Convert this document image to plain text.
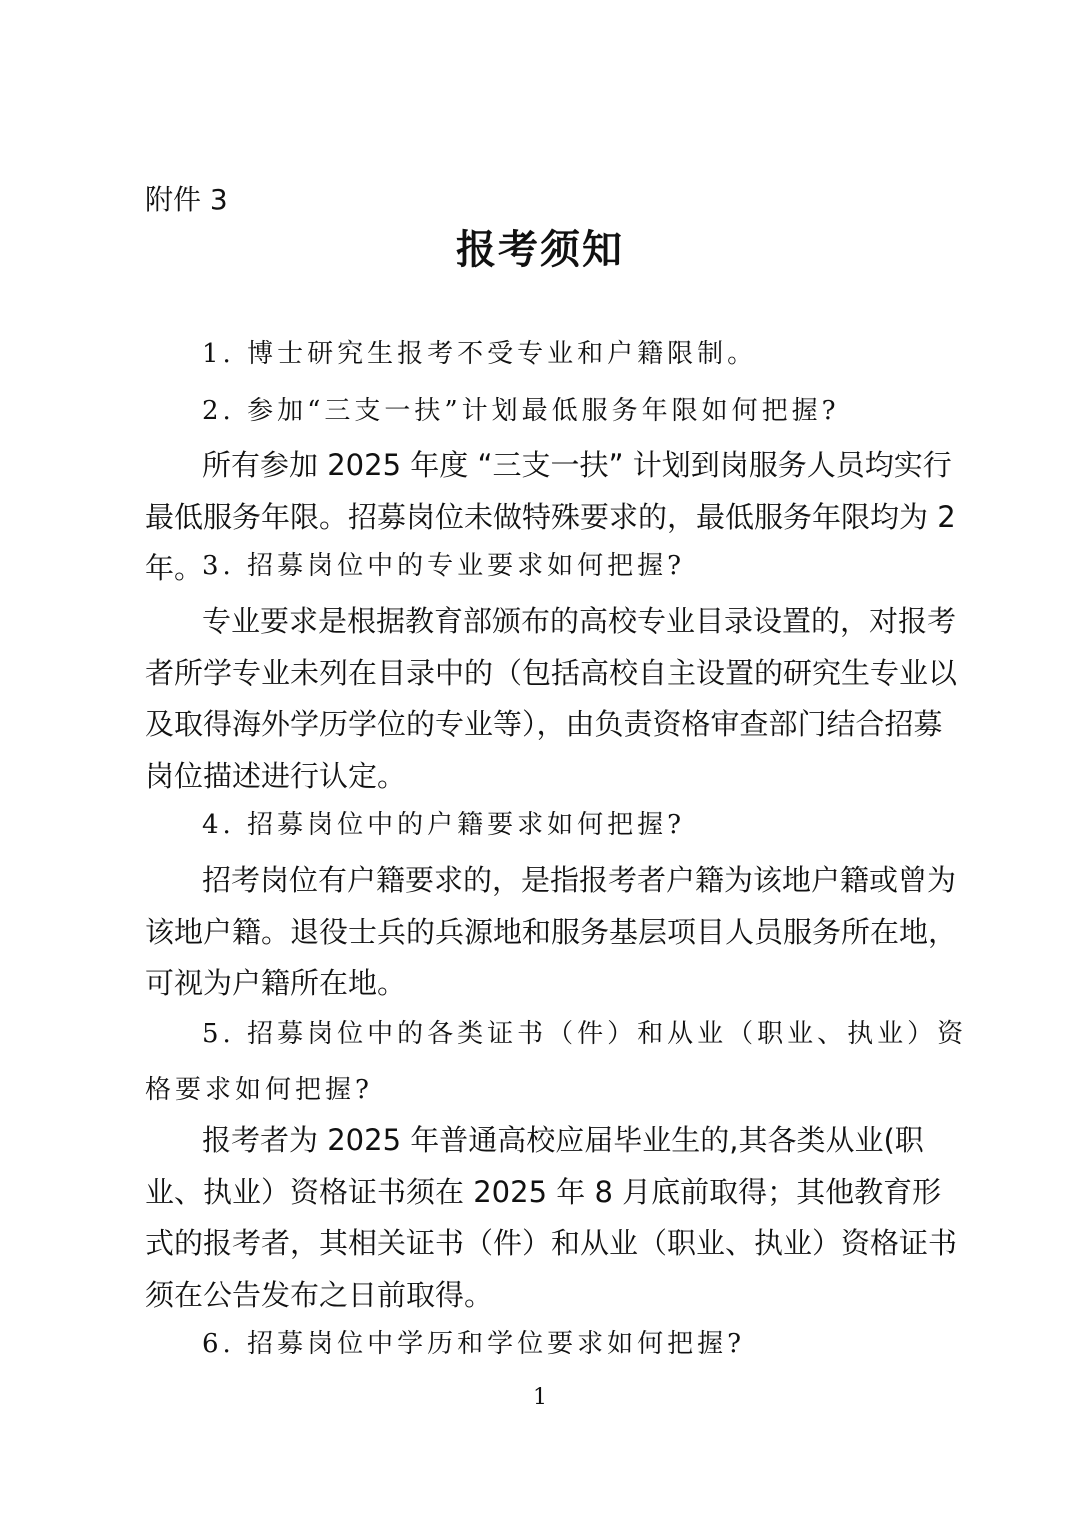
附件 3
报考须知
1. 博士研究生报考不受专业和户籍限制。
2. 参加“三支一扶”计划最低服务年限如何把握?
所有参加 2025 年度 “三支一扶” 计划到岗服务人员均实行最低服务年限。招募岗位未做特殊要求的，最低服务年限均为 2 年。
3. 招募岗位中的专业要求如何把握?
专业要求是根据教育部颁布的高校专业目录设置的，对报考者所学专业未列在目录中的（包括高校自主设置的研究生专业以及取得海外学历学位的专业等），由负责资格审查部门结合招募岗位描述进行认定。
4. 招募岗位中的户籍要求如何把握?
招考岗位有户籍要求的，是指报考者户籍为该地户籍或曾为该地户籍。退役士兵的兵源地和服务基层项目人员服务所在地，可视为户籍所在地。
5. 招募岗位中的各类证书（件）和从业（职业、执业）资格要求如何把握?
报考者为 2025 年普通高校应届毕业生的,其各类从业(职业、执业）资格证书须在 2025 年 8 月底前取得；其他教育形式的报考者，其相关证书（件）和从业（职业、执业）资格证书须在公告发布之日前取得。
6. 招募岗位中学历和学位要求如何把握?
1
